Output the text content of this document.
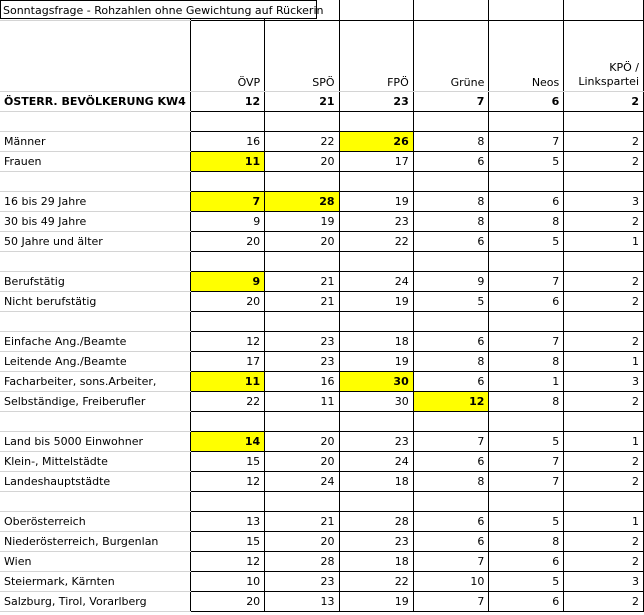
	ÖVP	SPÖ	FPÖ	Grüne	Neos	KPÖ / Linkspartei
ÖSTERR. BEVÖLKERUNG KW4	12	21	23	7	6	2

Männer	16	22	26	8	7	2
Frauen	11	20	17	6	5	2

16 bis 29 Jahre	7	28	19	8	6	3
30 bis 49 Jahre	9	19	23	8	8	2
50 Jahre und älter	20	20	22	6	5	1

Berufstätig	9	21	24	9	7	2
Nicht berufstätig	20	21	19	5	6	2

Einfache Ang./Beamte	12	23	18	6	7	2
Leitende Ang./Beamte	17	23	19	8	8	1
Facharbeiter, sons.Arbeiter,	11	16	30	6	1	3
Selbständige, Freiberufler	22	11	30	12	8	2

Land bis 5000 Einwohner	14	20	23	7	5	1
Klein-, Mittelstädte	15	20	24	6	7	2
Landeshauptstädte	12	24	18	8	7	2

Oberösterreich	13	21	28	6	5	1
Niederösterreich, Burgenlan	15	20	23	6	8	2
Wien	12	28	18	7	6	2
Steiermark, Kärnten	10	23	22	10	5	3
Salzburg, Tirol, Vorarlberg	20	13	19	7	6	2
Sonntagsfrage - Rohzahlen ohne Gewichtung auf Rückerin
